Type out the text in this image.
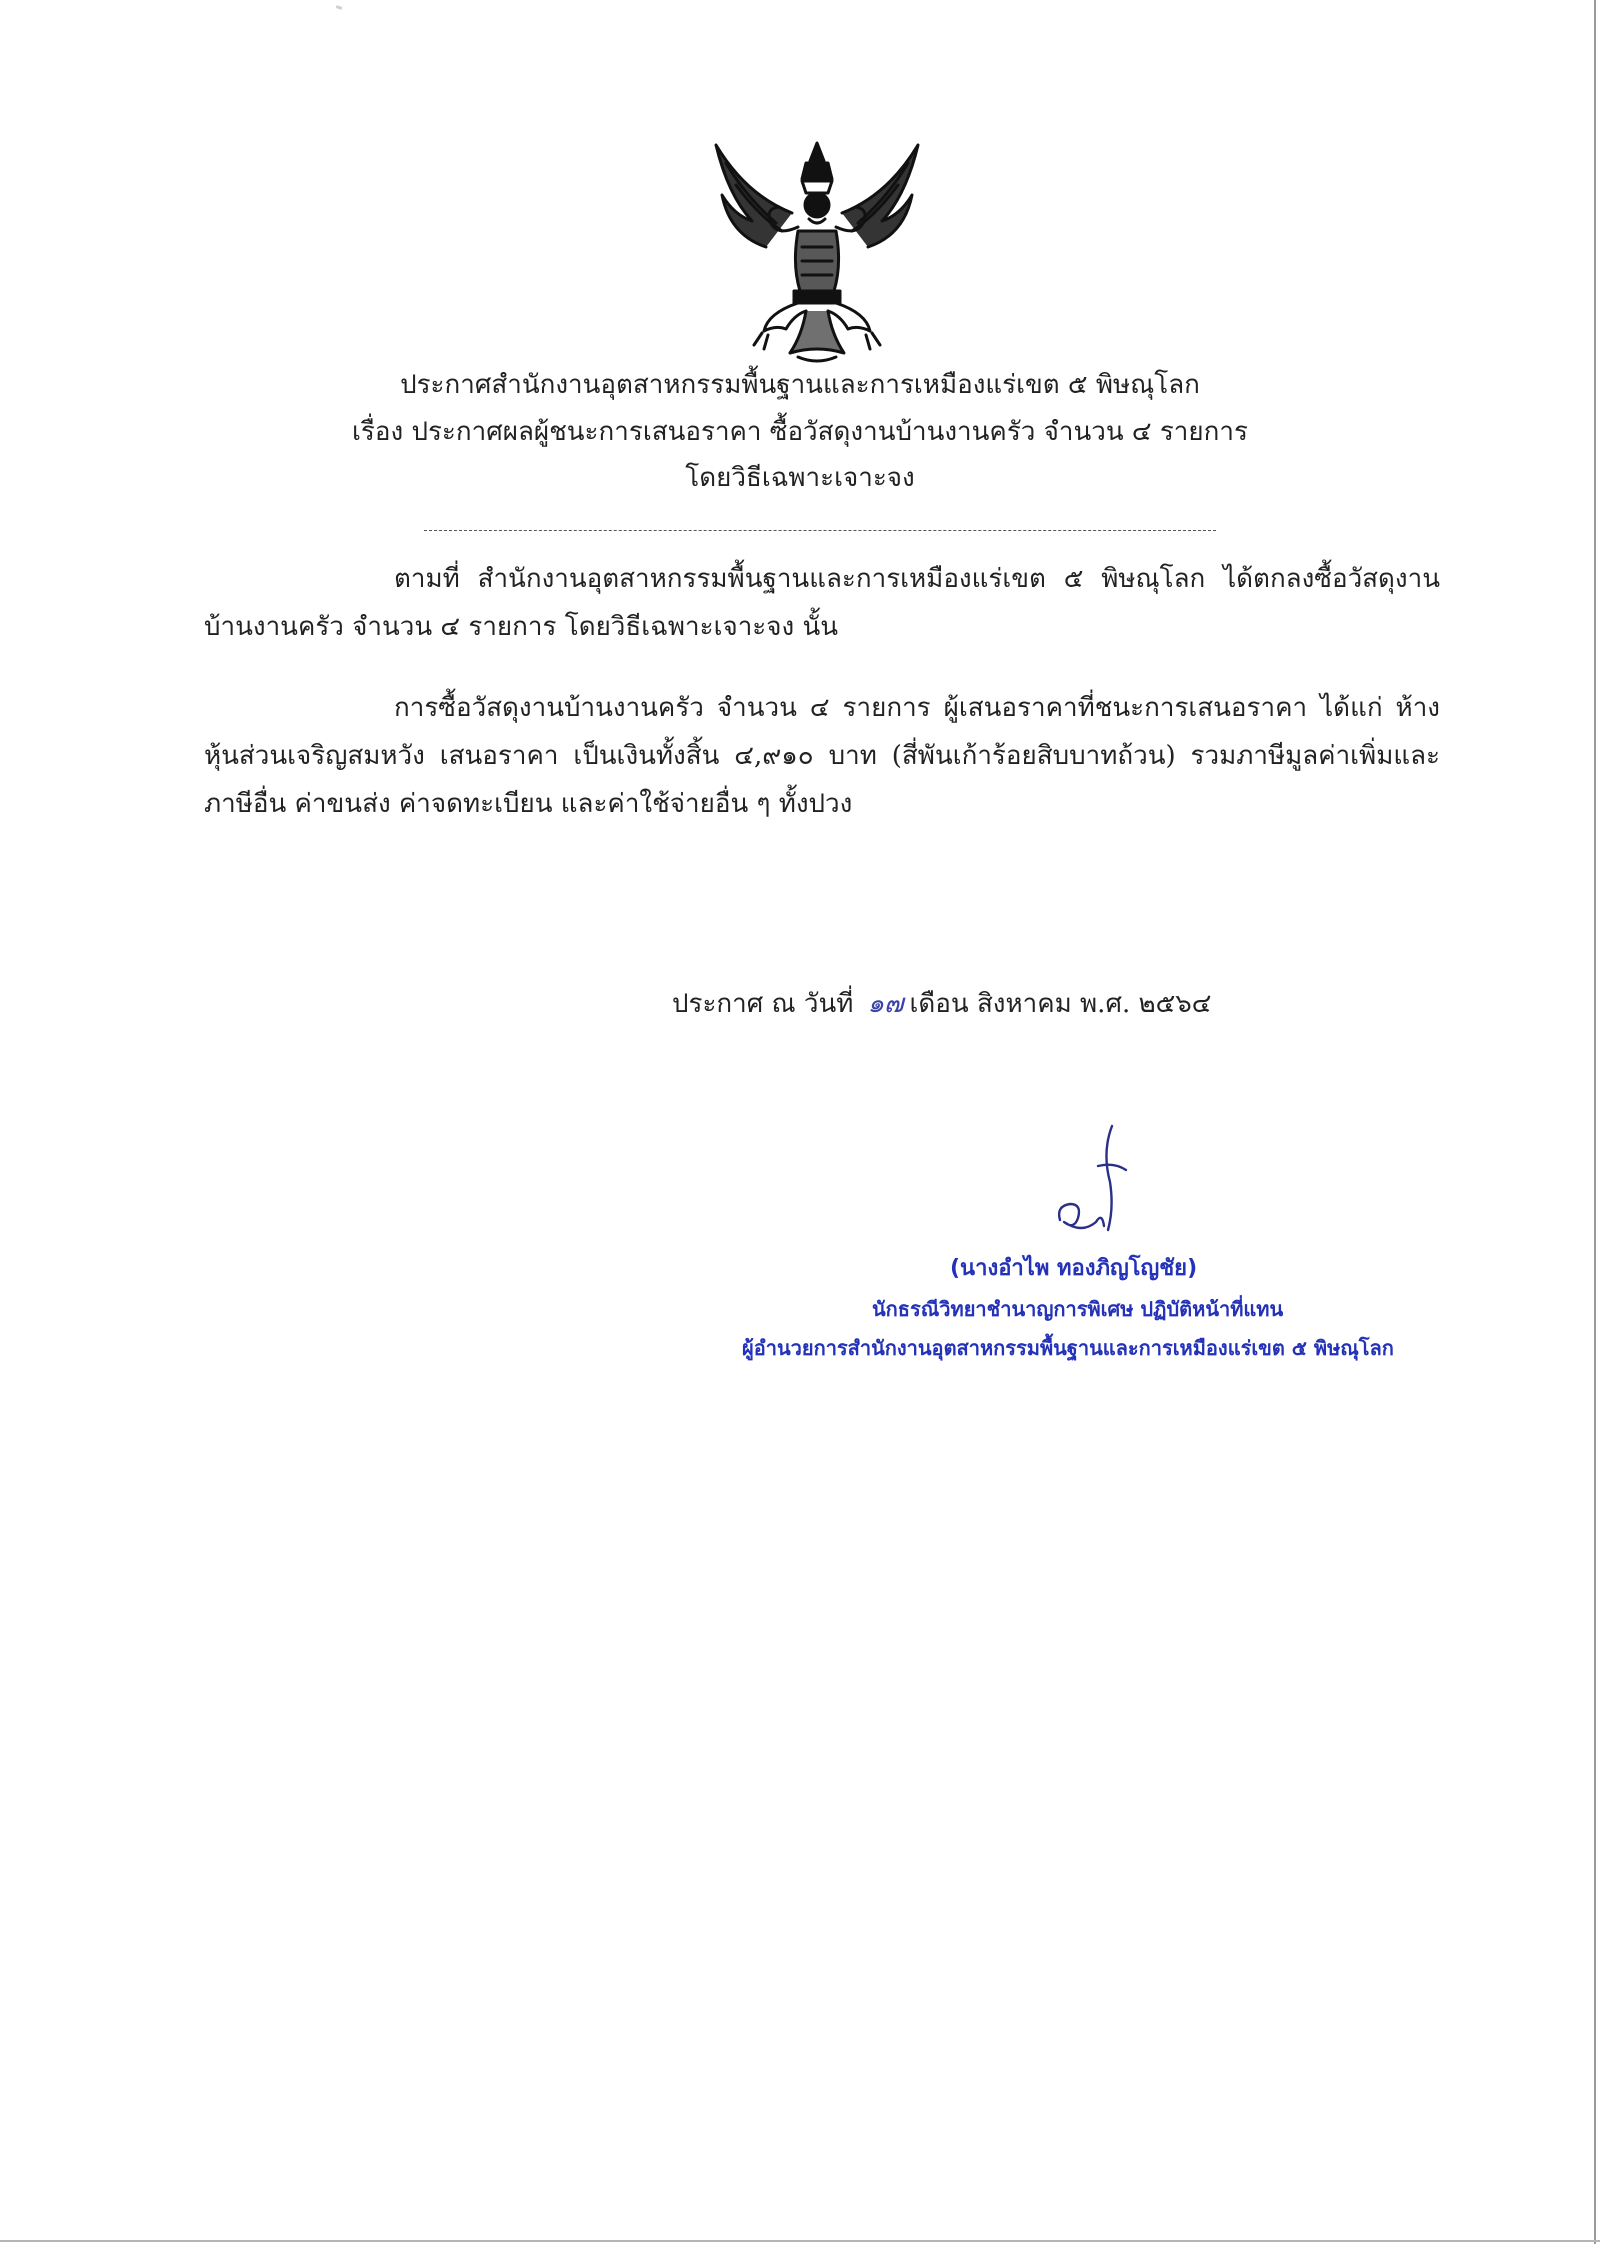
ประกาศสำนักงานอุตสาหกรรมพื้นฐานและการเหมืองแร่เขต ๕ พิษณุโลก
เรื่อง ประกาศผลผู้ชนะการเสนอราคา ซื้อวัสดุงานบ้านงานครัว จำนวน ๔ รายการ
โดยวิธีเฉพาะเจาะจง

ตามที่ สำนักงานอุตสาหกรรมพื้นฐานและการเหมืองแร่เขต ๕ พิษณุโลก ได้ตกลงซื้อวัสดุงานบ้านงานครัว จำนวน ๔ รายการ โดยวิธีเฉพาะเจาะจง นั้น

การซื้อวัสดุงานบ้านงานครัว จำนวน ๔ รายการ ผู้เสนอราคาที่ชนะการเสนอราคา ได้แก่ ห้างหุ้นส่วนเจริญสมหวัง เสนอราคา เป็นเงินทั้งสิ้น ๔,๙๑๐ บาท (สี่พันเก้าร้อยสิบบาทถ้วน) รวมภาษีมูลค่าเพิ่มและภาษีอื่น ค่าขนส่ง ค่าจดทะเบียน และค่าใช้จ่ายอื่น ๆ ทั้งปวง

ประกาศ ณ วันที่ ๑๗ เดือน สิงหาคม พ.ศ. ๒๕๖๔
(นางอำไพ ทองภิญโญชัย)
นักธรณีวิทยาชำนาญการพิเศษ ปฏิบัติหน้าที่แทน
ผู้อำนวยการสำนักงานอุตสาหกรรมพื้นฐานและการเหมืองแร่เขต ๕ พิษณุโลก
